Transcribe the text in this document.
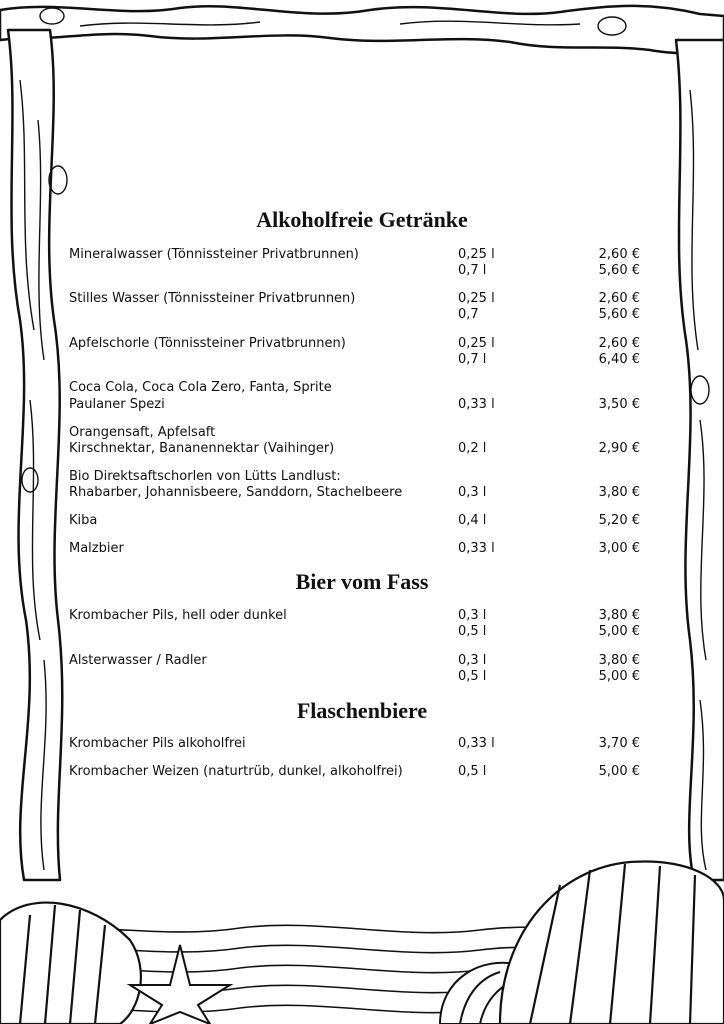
Alkoholfreie Getränke
Mineralwasser (Tönnissteiner Privatbrunnen)	0,25 l	2,60 €
0,7 l	5,60 €
Stilles Wasser (Tönnissteiner Privatbrunnen)	0,25 l	2,60 €
0,7	5,60 €
Apfelschorle (Tönnissteiner Privatbrunnen)	0,25 l	2,60 €
0,7 l	6,40 €
Coca Cola, Coca Cola Zero, Fanta, Sprite
Paulaner Spezi	0,33 l	3,50 €
Orangensaft, Apfelsaft
Kirschnektar, Bananennektar (Vaihinger)	0,2 l	2,90 €
Bio Direktsaftschorlen von Lütts Landlust:
Rhabarber, Johannisbeere, Sanddorn, Stachelbeere	0,3 l	3,80 €
Kiba	0,4 l	5,20 €
Malzbier	0,33 l	3,00 €
Bier vom Fass
Krombacher Pils, hell oder dunkel	0,3 l	3,80 €
0,5 l	5,00 €
Alsterwasser / Radler	0,3 l	3,80 €
0,5 l	5,00 €
Flaschenbiere
Krombacher Pils alkoholfrei	0,33 l	3,70 €
Krombacher Weizen (naturtrüb, dunkel, alkoholfrei)	0,5 l	5,00 €
